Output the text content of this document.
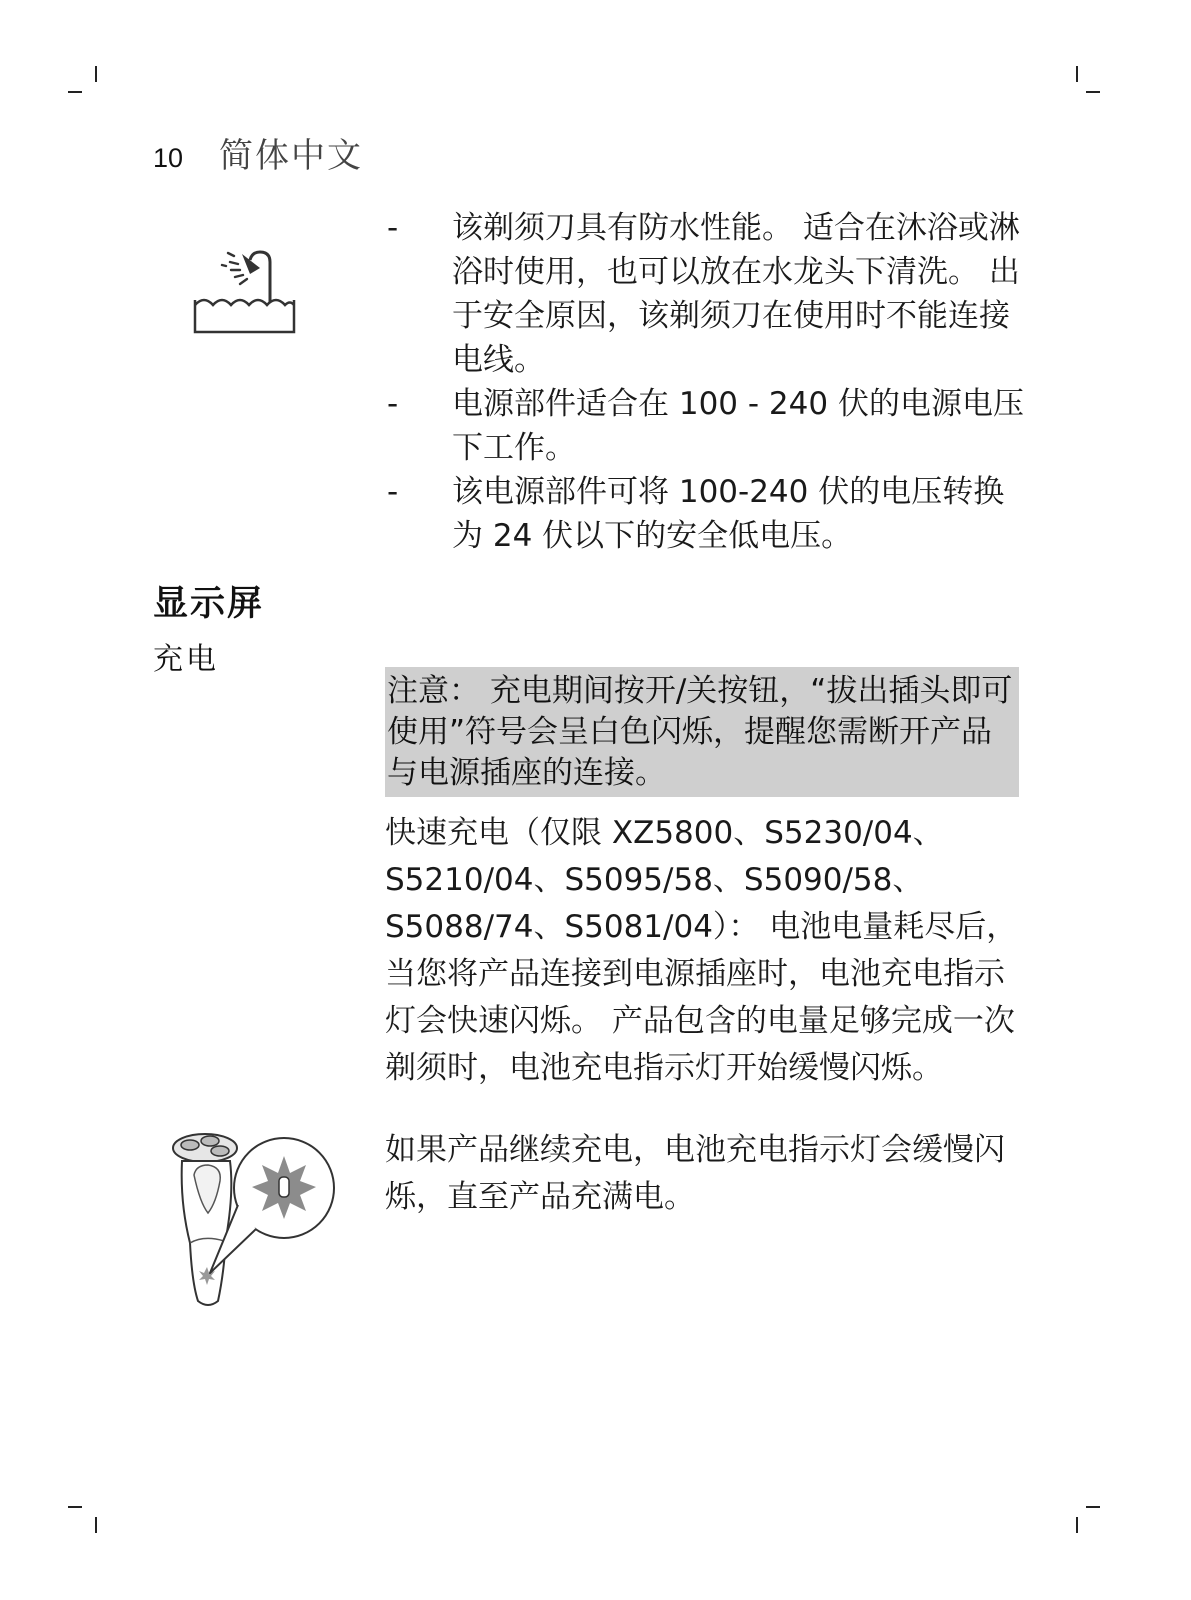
10 简体中文
- 该剃须刀具有防水性能。 适合在沐浴或淋浴时使用，也可以放在水龙头下清洗。 出于安全原因，该剃须刀在使用时不能连接电线。
- 电源部件适合在 100 - 240 伏的电源电压下工作。
- 该电源部件可将 100-240 伏的电压转换为 24 伏以下的安全低电压。
显示屏
充电
注意： 充电期间按开/关按钮，“拔出插头即可使用”符号会呈白色闪烁，提醒您需断开产品与电源插座的连接。
快速充电（仅限 XZ5800、S5230/04、S5210/04、S5095/58、S5090/58、S5088/74、S5081/04）： 电池电量耗尽后，当您将产品连接到电源插座时，电池充电指示灯会快速闪烁。 产品包含的电量足够完成一次剃须时，电池充电指示灯开始缓慢闪烁。
如果产品继续充电，电池充电指示灯会缓慢闪烁，直至产品充满电。
